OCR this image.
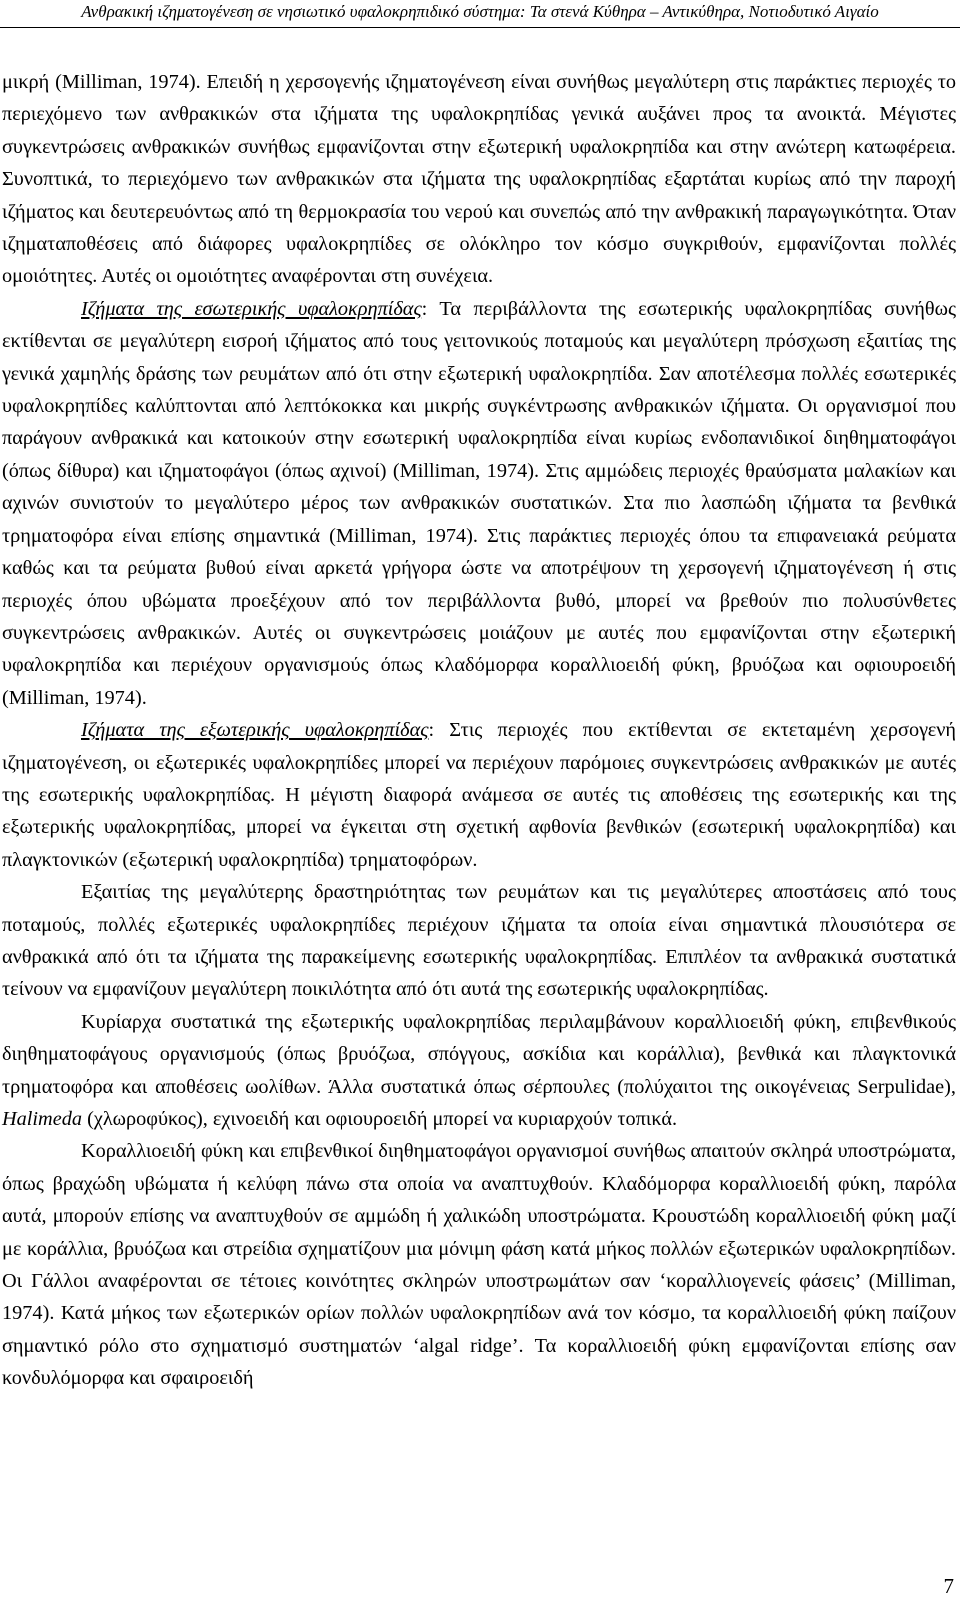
Ανθρακική ιζηματογένεση σε νησιωτικό υφαλοκρηπιδικό σύστημα: Τα στενά Κύθηρα – Αντικύθηρα, Νοτιοδυτικό Αιγαίο

μικρή (Milliman, 1974). Επειδή η χερσογενής ιζηματογένεση είναι συνήθως μεγαλύτερη στις παράκτιες περιοχές το περιεχόμενο των ανθρακικών στα ιζήματα της υφαλοκρηπίδας γενικά αυξάνει προς τα ανοικτά. Μέγιστες συγκεντρώσεις ανθρακικών συνήθως εμφανίζονται στην εξωτερική υφαλοκρηπίδα και στην ανώτερη κατωφέρεια. Συνοπτικά, το περιεχόμενο των ανθρακικών στα ιζήματα της υφαλοκρηπίδας εξαρτάται κυρίως από την παροχή ιζήματος και δευτερευόντως από τη θερμοκρασία του νερού και συνεπώς από την ανθρακική παραγωγικότητα. Όταν ιζηματαποθέσεις από διάφορες υφαλοκρηπίδες σε ολόκληρο τον κόσμο συγκριθούν, εμφανίζονται πολλές ομοιότητες. Αυτές οι ομοιότητες αναφέρονται στη συνέχεια.

Ιζήματα της εσωτερικής υφαλοκρηπίδας: Τα περιβάλλοντα της εσωτερικής υφαλοκρηπίδας συνήθως εκτίθενται σε μεγαλύτερη εισροή ιζήματος από τους γειτονικούς ποταμούς και μεγαλύτερη πρόσχωση εξαιτίας της γενικά χαμηλής δράσης των ρευμάτων από ότι στην εξωτερική υφαλοκρηπίδα. Σαν αποτέλεσμα πολλές εσωτερικές υφαλοκρηπίδες καλύπτονται από λεπτόκοκκα και μικρής συγκέντρωσης ανθρακικών ιζήματα. Οι οργανισμοί που παράγουν ανθρακικά και κατοικούν στην εσωτερική υφαλοκρηπίδα είναι κυρίως ενδοπανιδικοί διηθηματοφάγοι (όπως δίθυρα) και ιζηματοφάγοι (όπως αχινοί) (Milliman, 1974). Στις αμμώδεις περιοχές θραύσματα μαλακίων και αχινών συνιστούν το μεγαλύτερο μέρος των ανθρακικών συστατικών. Στα πιο λασπώδη ιζήματα τα βενθικά τρηματοφόρα είναι επίσης σημαντικά (Milliman, 1974). Στις παράκτιες περιοχές όπου τα επιφανειακά ρεύματα καθώς και τα ρεύματα βυθού είναι αρκετά γρήγορα ώστε να αποτρέψουν τη χερσογενή ιζηματογένεση ή στις περιοχές όπου υβώματα προεξέχουν από τον περιβάλλοντα βυθό, μπορεί να βρεθούν πιο πολυσύνθετες συγκεντρώσεις ανθρακικών. Αυτές οι συγκεντρώσεις μοιάζουν με αυτές που εμφανίζονται στην εξωτερική υφαλοκρηπίδα και περιέχουν οργανισμούς όπως κλαδόμορφα κοραλλιοειδή φύκη, βρυόζωα και οφιουροειδή (Milliman, 1974).

Ιζήματα της εξωτερικής υφαλοκρηπίδας: Στις περιοχές που εκτίθενται σε εκτεταμένη χερσογενή ιζηματογένεση, οι εξωτερικές υφαλοκρηπίδες μπορεί να περιέχουν παρόμοιες συγκεντρώσεις ανθρακικών με αυτές της εσωτερικής υφαλοκρηπίδας. Η μέγιστη διαφορά ανάμεσα σε αυτές τις αποθέσεις της εσωτερικής και της εξωτερικής υφαλοκρηπίδας, μπορεί να έγκειται στη σχετική αφθονία βενθικών (εσωτερική υφαλοκρηπίδα) και πλαγκτονικών (εξωτερική υφαλοκρηπίδα) τρηματοφόρων.

Εξαιτίας της μεγαλύτερης δραστηριότητας των ρευμάτων και τις μεγαλύτερες αποστάσεις από τους ποταμούς, πολλές εξωτερικές υφαλοκρηπίδες περιέχουν ιζήματα τα οποία είναι σημαντικά πλουσιότερα σε ανθρακικά από ότι τα ιζήματα της παρακείμενης εσωτερικής υφαλοκρηπίδας. Επιπλέον τα ανθρακικά συστατικά τείνουν να εμφανίζουν μεγαλύτερη ποικιλότητα από ότι αυτά της εσωτερικής υφαλοκρηπίδας.

Κυρίαρχα συστατικά της εξωτερικής υφαλοκρηπίδας περιλαμβάνουν κοραλλιοειδή φύκη, επιβενθικούς διηθηματοφάγους οργανισμούς (όπως βρυόζωα, σπόγγους, ασκίδια και κοράλλια), βενθικά και πλαγκτονικά τρηματοφόρα και αποθέσεις ωολίθων. Άλλα συστατικά όπως σέρπουλες (πολύχαιτοι της οικογένειας Serpulidae), Halimeda (χλωροφύκος), εχινοειδή και οφιουροειδή μπορεί να κυριαρχούν τοπικά.

Κοραλλιοειδή φύκη και επιβενθικοί διηθηματοφάγοι οργανισμοί συνήθως απαιτούν σκληρά υποστρώματα, όπως βραχώδη υβώματα ή κελύφη πάνω στα οποία να αναπτυχθούν. Κλαδόμορφα κοραλλιοειδή φύκη, παρόλα αυτά, μπορούν επίσης να αναπτυχθούν σε αμμώδη ή χαλικώδη υποστρώματα. Κρουστώδη κοραλλιοειδή φύκη μαζί με κοράλλια, βρυόζωα και στρείδια σχηματίζουν μια μόνιμη φάση κατά μήκος πολλών εξωτερικών υφαλοκρηπίδων. Οι Γάλλοι αναφέρονται σε τέτοιες κοινότητες σκληρών υποστρωμάτων σαν ‘κοραλλιογενείς φάσεις’ (Milliman, 1974). Κατά μήκος των εξωτερικών ορίων πολλών υφαλοκρηπίδων ανά τον κόσμο, τα κοραλλιοειδή φύκη παίζουν σημαντικό ρόλο στο σχηματισμό συστηματών ‘algal ridge’. Τα κοραλλιοειδή φύκη εμφανίζονται επίσης σαν κονδυλόμορφα και σφαιροειδή

7
